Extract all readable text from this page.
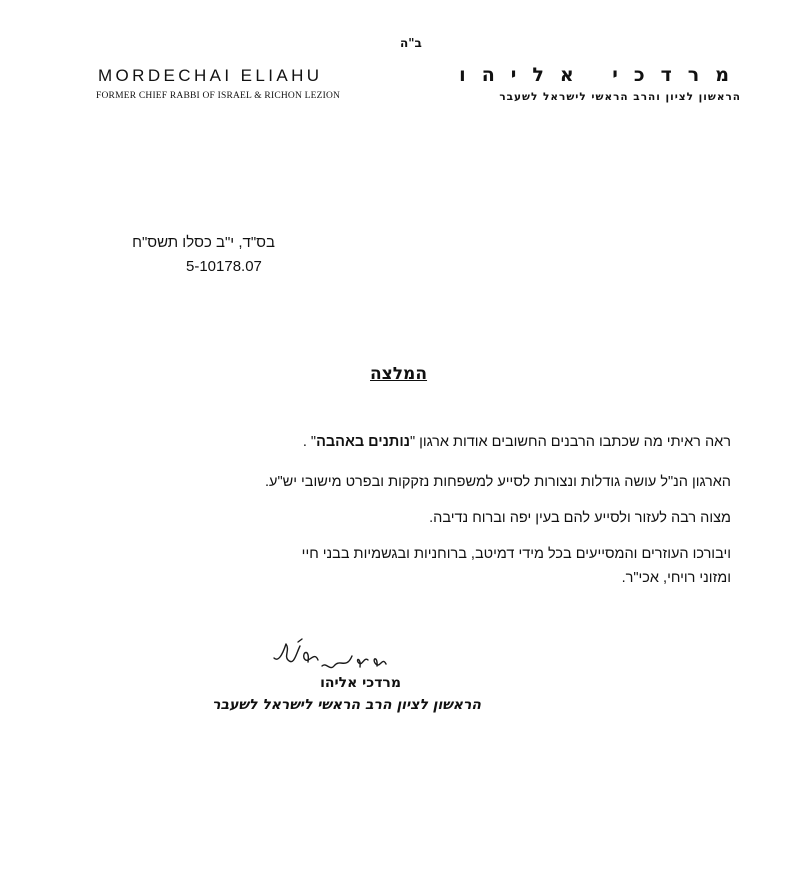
ב"ה
MORDECHAI ELIAHU
FORMER CHIEF RABBI OF ISRAEL & RICHON LEZION
מרדכי אליהו
הראשון לציון והרב הראשי לישראל לשעבר
בס"ד, י"ב כסלו תשס"ח
5-10178.07
המלצה
ראה ראיתי מה שכתבו הרבנים החשובים אודות ארגון "נותנים באהבה" .
הארגון הנ"ל עושה גודלות ונצורות לסייע למשפחות נזקקות ובפרט מישובי יש"ע.
מצוה רבה לעזור ולסייע להם בעין יפה וברוח נדיבה.
ויבורכו העוזרים והמסייעים בכל מידי דמיטב, ברוחניות ובגשמיות בבני חיי
ומזוני רויחי, אכי"ר.
מרדכי אליהו
הראשון לציון הרב הראשי לישראל לשעבר
